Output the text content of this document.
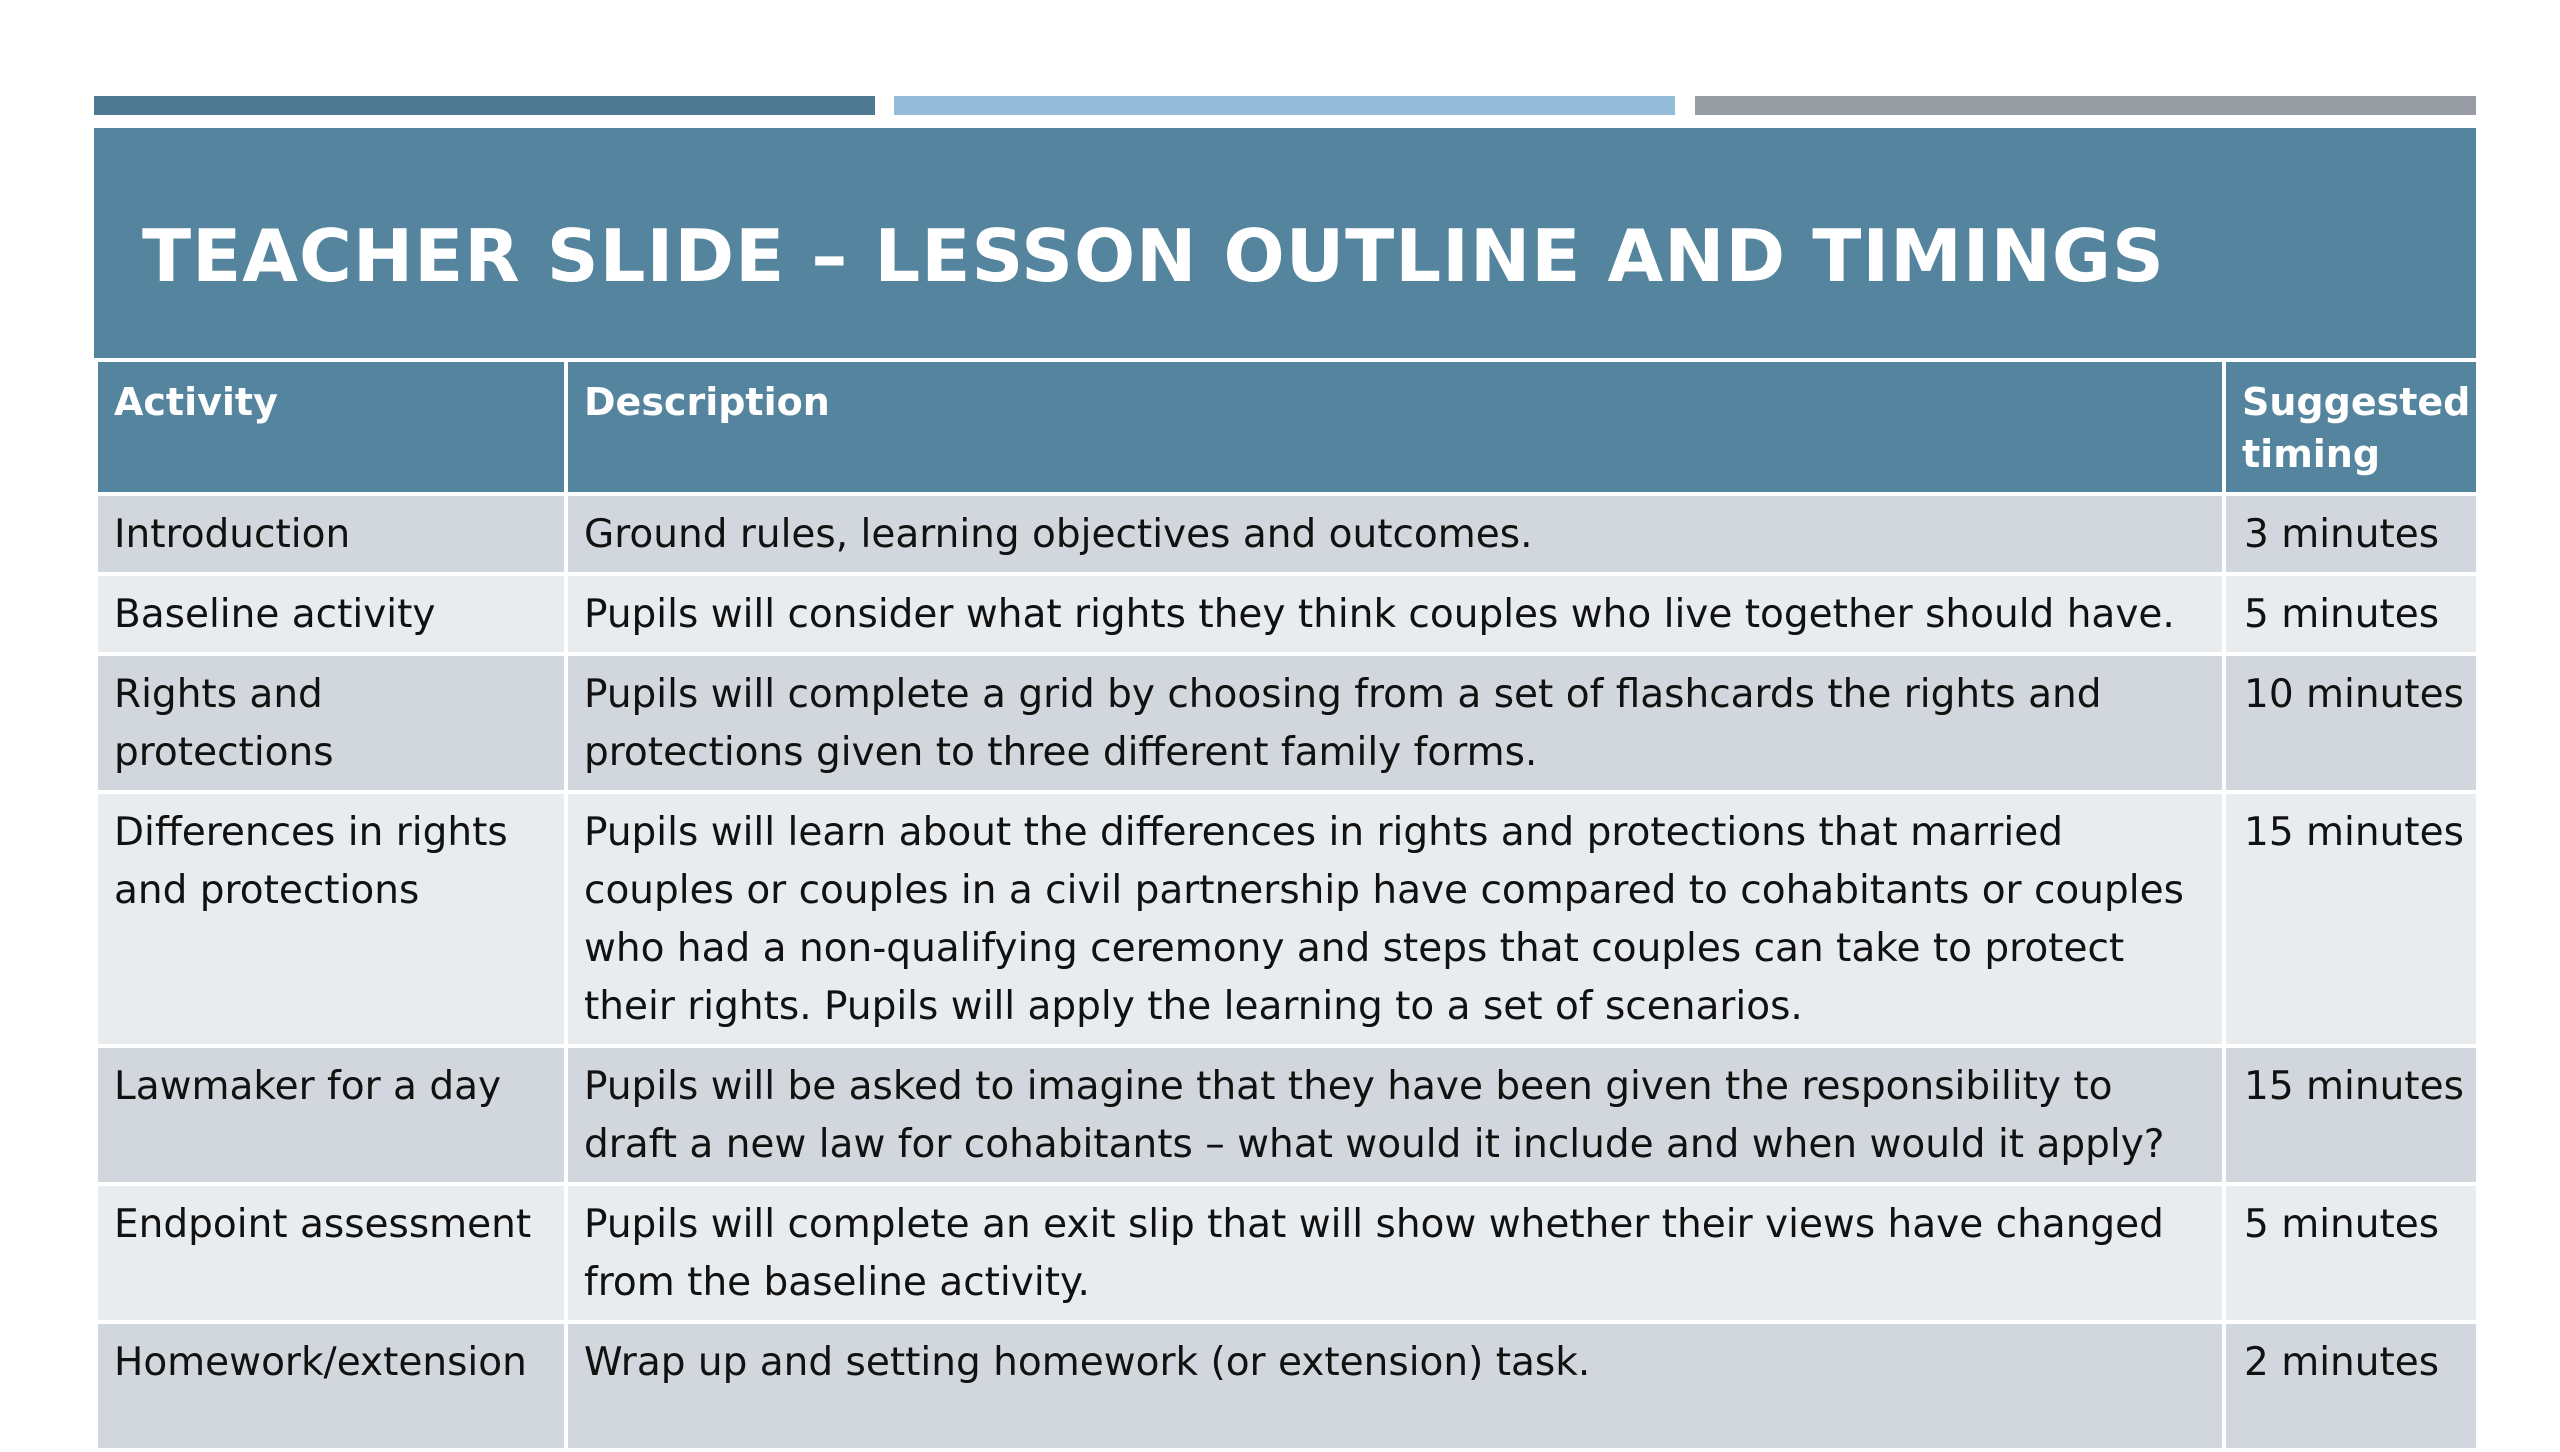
TEACHER SLIDE – LESSON OUTLINE AND TIMINGS
Activity	Description	Suggested timing
Introduction	Ground rules, learning objectives and outcomes.	3 minutes
Baseline activity	Pupils will consider what rights they think couples who live together should have.	5 minutes
Rights and protections	Pupils will complete a grid by choosing from a set of flashcards the rights and protections given to three different family forms.	10 minutes
Differences in rights and protections	Pupils will learn about the differences in rights and protections that married couples or couples in a civil partnership have compared to cohabitants or couples who had a non-qualifying ceremony and steps that couples can take to protect their rights. Pupils will apply the learning to a set of scenarios.	15 minutes
Lawmaker for a day	Pupils will be asked to imagine that they have been given the responsibility to draft a new law for cohabitants – what would it include and when would it apply?	15 minutes
Endpoint assessment	Pupils will complete an exit slip that will show whether their views have changed from the baseline activity.	5 minutes
Homework/extension	Wrap up and setting homework (or extension) task.	2 minutes
